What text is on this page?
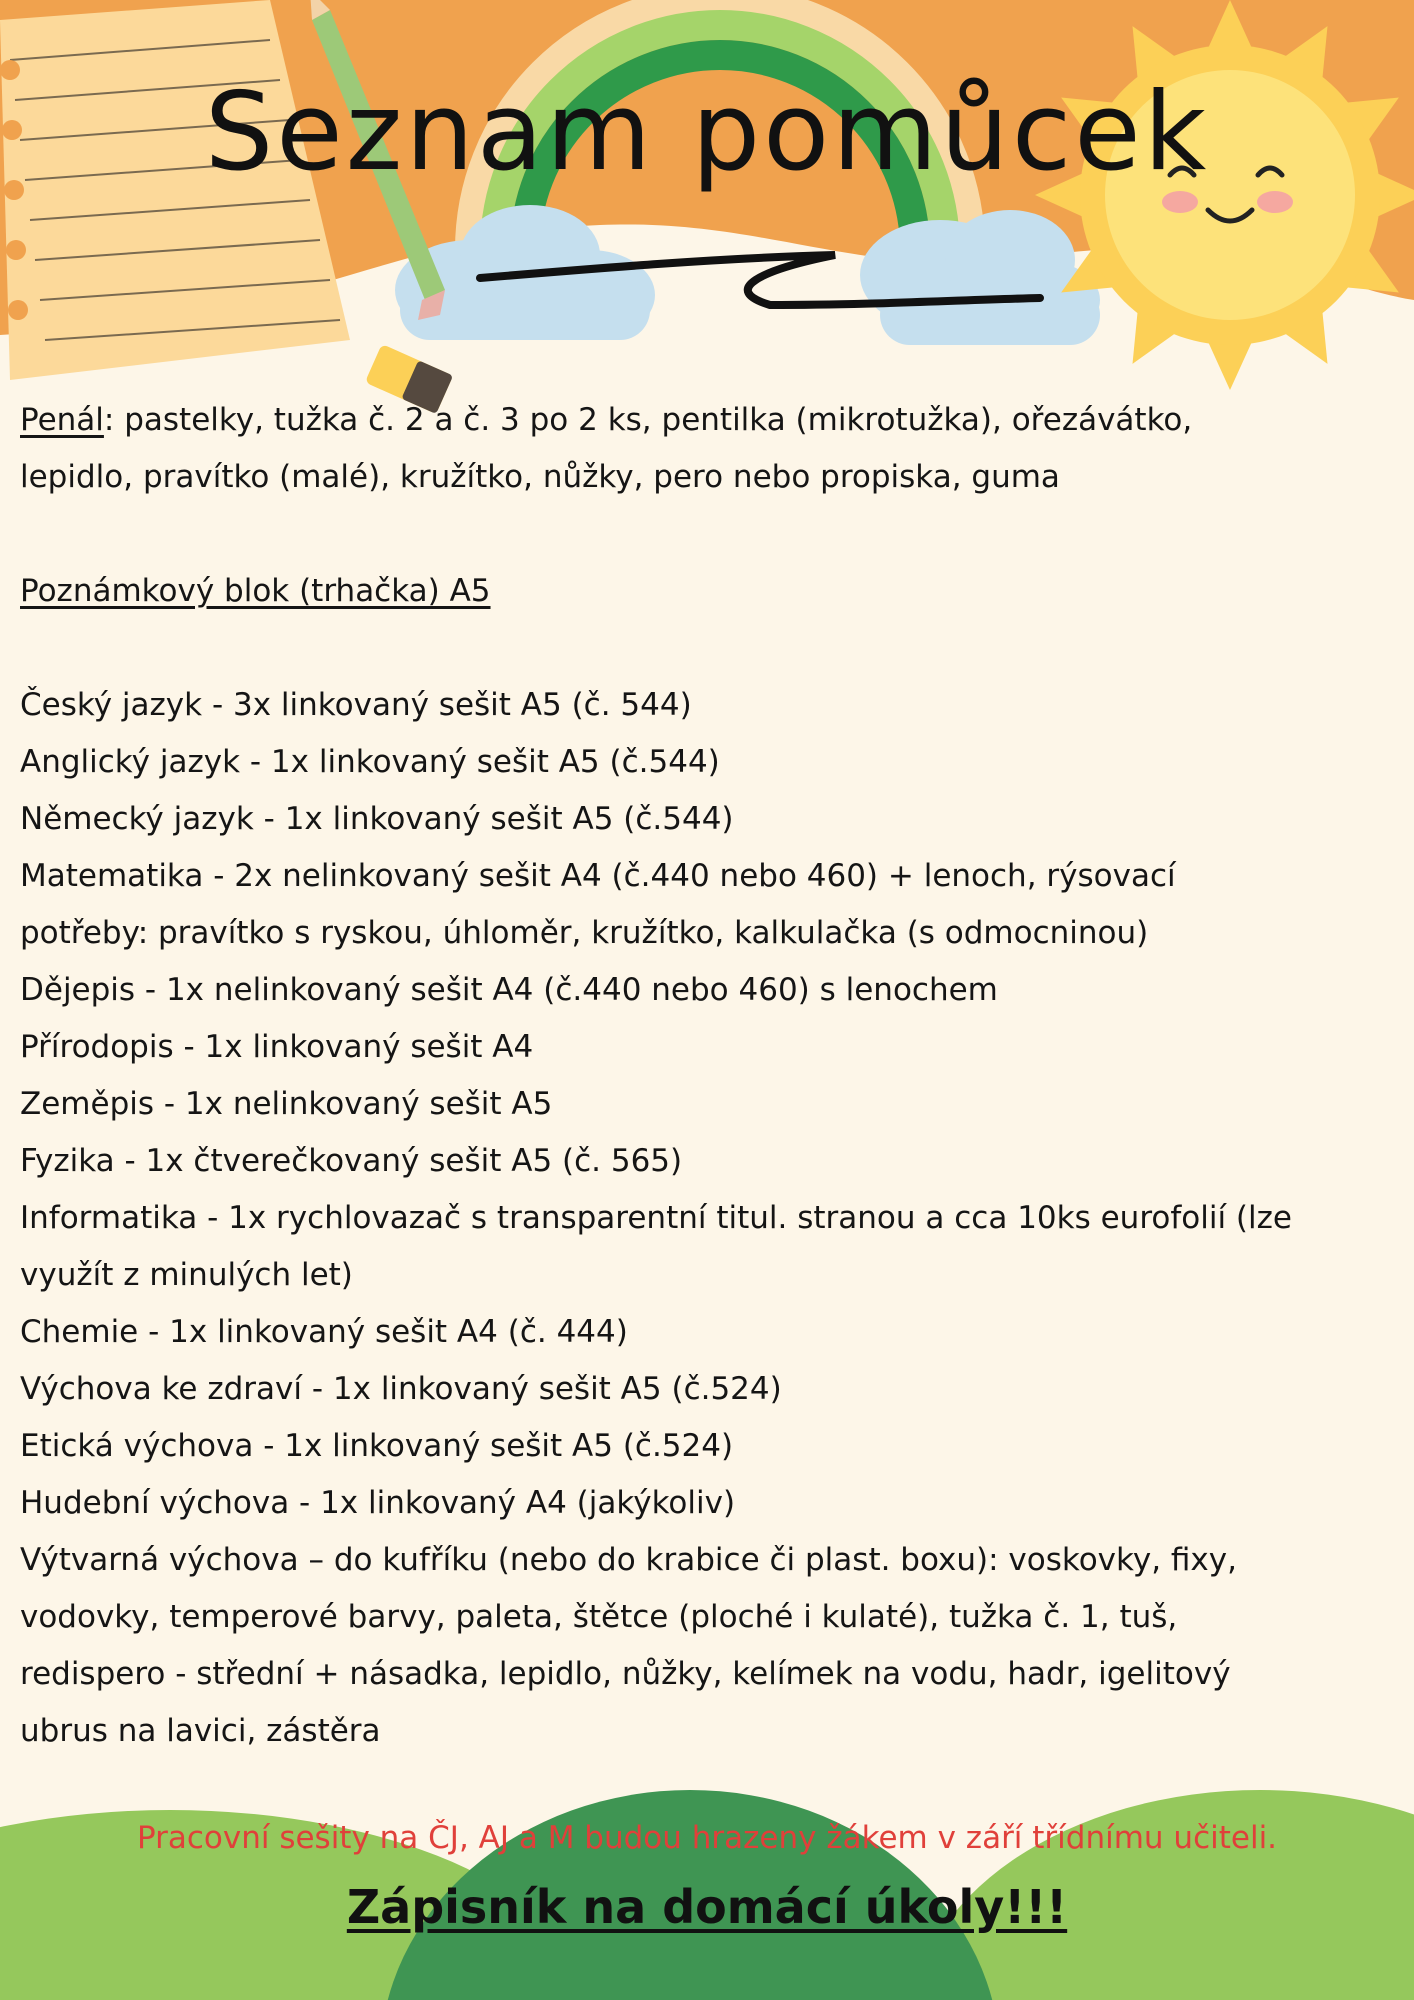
Seznam pomůcek

Penál: pastelky, tužka č. 2 a č. 3 po 2 ks, pentilka (mikrotužka), ořezávátko,

lepidlo, pravítko (malé), kružítko, nůžky, pero nebo propiska, guma

Poznámkový blok (trhačka) A5

Český jazyk - 3x linkovaný sešit A5 (č. 544)

Anglický jazyk - 1x linkovaný sešit A5 (č.544)

Německý jazyk - 1x linkovaný sešit A5 (č.544)

Matematika - 2x nelinkovaný sešit A4 (č.440 nebo 460) + lenoch, rýsovací

potřeby: pravítko s ryskou, úhloměr, kružítko, kalkulačka (s odmocninou)

Dějepis - 1x nelinkovaný sešit A4 (č.440 nebo 460) s lenochem

Přírodopis - 1x linkovaný sešit A4

Zeměpis - 1x nelinkovaný sešit A5

Fyzika - 1x čtverečkovaný sešit A5 (č. 565)

Informatika - 1x rychlovazač s transparentní titul. stranou a cca 10ks eurofolií (lze

využít z minulých let)

Chemie - 1x linkovaný sešit A4 (č. 444)

Výchova ke zdraví - 1x linkovaný sešit A5 (č.524)

Etická výchova - 1x linkovaný sešit A5 (č.524)

Hudební výchova - 1x linkovaný A4 (jakýkoliv)

Výtvarná výchova – do kufříku (nebo do krabice či plast. boxu): voskovky, fixy,

vodovky, temperové barvy, paleta, štětce (ploché i kulaté), tužka č. 1, tuš,

redispero - střední + násadka, lepidlo, nůžky, kelímek na vodu, hadr, igelitový

ubrus na lavici, zástěra

Pracovní sešity na ČJ, AJ a M budou hrazeny žákem v září třídnímu učiteli.

Zápisník na domácí úkoly!!!
